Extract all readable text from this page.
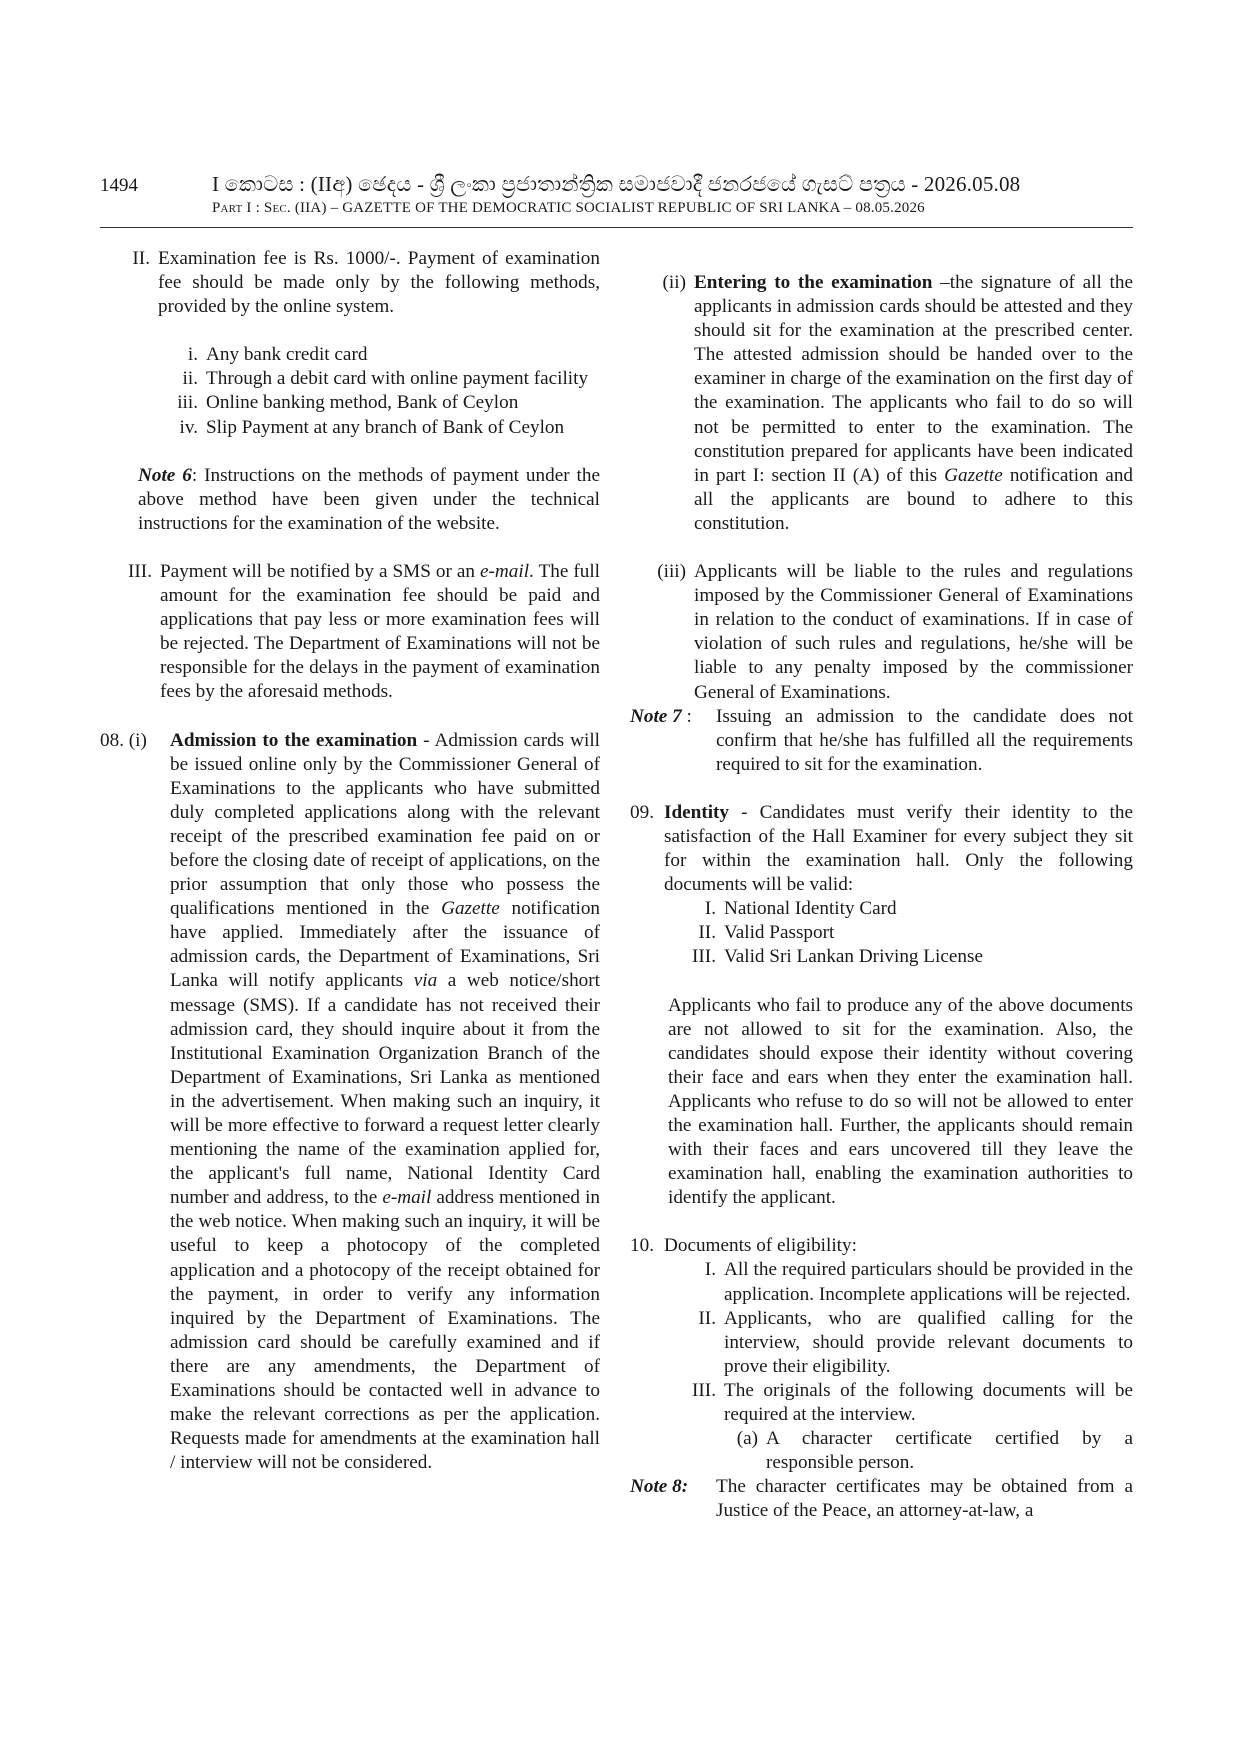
1494	I කොටස : (IIඅ) ඡෙදය - ශ්‍රී ලංකා ප්‍රජාතාන්ත්‍රික සමාජවාදී ජනරජයේ ගැසට් පත්‍රය - 2026.05.08
Part I : Sec. (IIA) – GAZETTE OF THE DEMOCRATIC SOCIALIST REPUBLIC OF SRI LANKA – 08.05.2026
II. Examination fee is Rs. 1000/-. Payment of examination fee should be made only by the following methods, provided by the online system.
i. Any bank credit card
ii. Through a debit card with online payment facility
iii. Online banking method, Bank of Ceylon
iv. Slip Payment at any branch of Bank of Ceylon

Note 6: Instructions on the methods of payment under the above method have been given under the technical instructions for the examination of the website.

III. Payment will be notified by a SMS or an e-mail. The full amount for the examination fee should be paid and applications that pay less or more examination fees will be rejected. The Department of Examinations will not be responsible for the delays in the payment of examination fees by the aforesaid methods.
08. (i)	Admission to the examination - Admission cards will be issued online only by the Commissioner General of Examinations to the applicants who have submitted duly completed applications along with the relevant receipt of the prescribed examination fee paid on or before the closing date of receipt of applications, on the prior assumption that only those who possess the qualifications mentioned in the Gazette notification have applied. Immediately after the issuance of admission cards, the Department of Examinations, Sri Lanka will notify applicants via a web notice/short message (SMS). If a candidate has not received their admission card, they should inquire about it from the Institutional Examination Organization Branch of the Department of Examinations, Sri Lanka as mentioned in the advertisement. When making such an inquiry, it will be more effective to forward a request letter clearly mentioning the name of the examination applied for, the applicant's full name, National Identity Card number and address, to the e-mail address mentioned in the web notice. When making such an inquiry, it will be useful to keep a photocopy of the completed application and a photocopy of the receipt obtained for the payment, in order to verify any information inquired by the Department of Examinations. The admission card should be carefully examined and if there are any amendments, the Department of Examinations should be contacted well in advance to make the relevant corrections as per the application. Requests made for amendments at the examination hall / interview will not be considered.
(ii) Entering to the examination –the signature of all the applicants in admission cards should be attested and they should sit for the examination at the prescribed center. The attested admission should be handed over to the examiner in charge of the examination on the first day of the examination. The applicants who fail to do so will not be permitted to enter to the examination. The constitution prepared for applicants have been indicated in part I: section II (A) of this Gazette notification and all the applicants are bound to adhere to this constitution.
(iii) Applicants will be liable to the rules and regulations imposed by the Commissioner General of Examinations in relation to the conduct of examinations. If in case of violation of such rules and regulations, he/she will be liable to any penalty imposed by the commissioner General of Examinations.
Note 7 :	Issuing an admission to the candidate does not confirm that he/she has fulfilled all the requirements required to sit for the examination.
09. Identity - Candidates must verify their identity to the satisfaction of the Hall Examiner for every subject they sit for within the examination hall. Only the following documents will be valid:
I. National Identity Card
II. Valid Passport
III. Valid Sri Lankan Driving License

Applicants who fail to produce any of the above documents are not allowed to sit for the examination. Also, the candidates should expose their identity without covering their face and ears when they enter the examination hall. Applicants who refuse to do so will not be allowed to enter the examination hall. Further, the applicants should remain with their faces and ears uncovered till they leave the examination hall, enabling the examination authorities to identify the applicant.

10. Documents of eligibility:
I. All the required particulars should be provided in the application. Incomplete applications will be rejected.
II. Applicants, who are qualified calling for the interview, should provide relevant documents to prove their eligibility.
III. The originals of the following documents will be required at the interview.
(a) A character certificate certified by a responsible person.
Note 8:	The character certificates may be obtained from a Justice of the Peace, an attorney-at-law, a
